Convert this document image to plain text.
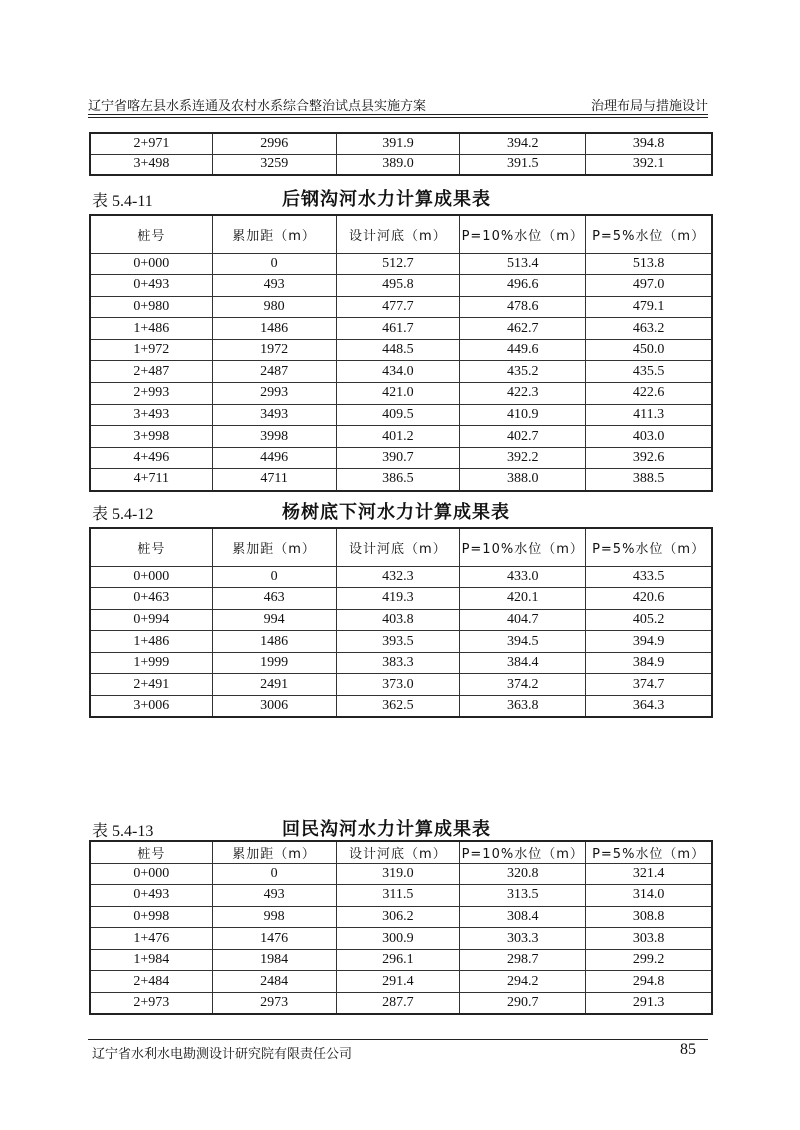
辽宁省喀左县水系连通及农村水系综合整治试点县实施方案	治理布局与措施设计
2+971	2996	391.9	394.2	394.8
3+498	3259	389.0	391.5	392.1
表 5.4-11	后钢沟河水力计算成果表
桩号	累加距（m）	设计河底（m）	P=10%水位（m）	P=5%水位（m）
0+000	0	512.7	513.4	513.8
0+493	493	495.8	496.6	497.0
0+980	980	477.7	478.6	479.1
1+486	1486	461.7	462.7	463.2
1+972	1972	448.5	449.6	450.0
2+487	2487	434.0	435.2	435.5
2+993	2993	421.0	422.3	422.6
3+493	3493	409.5	410.9	411.3
3+998	3998	401.2	402.7	403.0
4+496	4496	390.7	392.2	392.6
4+711	4711	386.5	388.0	388.5
表 5.4-12	杨树底下河水力计算成果表
桩号	累加距（m）	设计河底（m）	P=10%水位（m）	P=5%水位（m）
0+000	0	432.3	433.0	433.5
0+463	463	419.3	420.1	420.6
0+994	994	403.8	404.7	405.2
1+486	1486	393.5	394.5	394.9
1+999	1999	383.3	384.4	384.9
2+491	2491	373.0	374.2	374.7
3+006	3006	362.5	363.8	364.3
表 5.4-13	回民沟河水力计算成果表
桩号	累加距（m）	设计河底（m）	P=10%水位（m）	P=5%水位（m）
0+000	0	319.0	320.8	321.4
0+493	493	311.5	313.5	314.0
0+998	998	306.2	308.4	308.8
1+476	1476	300.9	303.3	303.8
1+984	1984	296.1	298.7	299.2
2+484	2484	291.4	294.2	294.8
2+973	2973	287.7	290.7	291.3
辽宁省水利水电勘测设计研究院有限责任公司	85
